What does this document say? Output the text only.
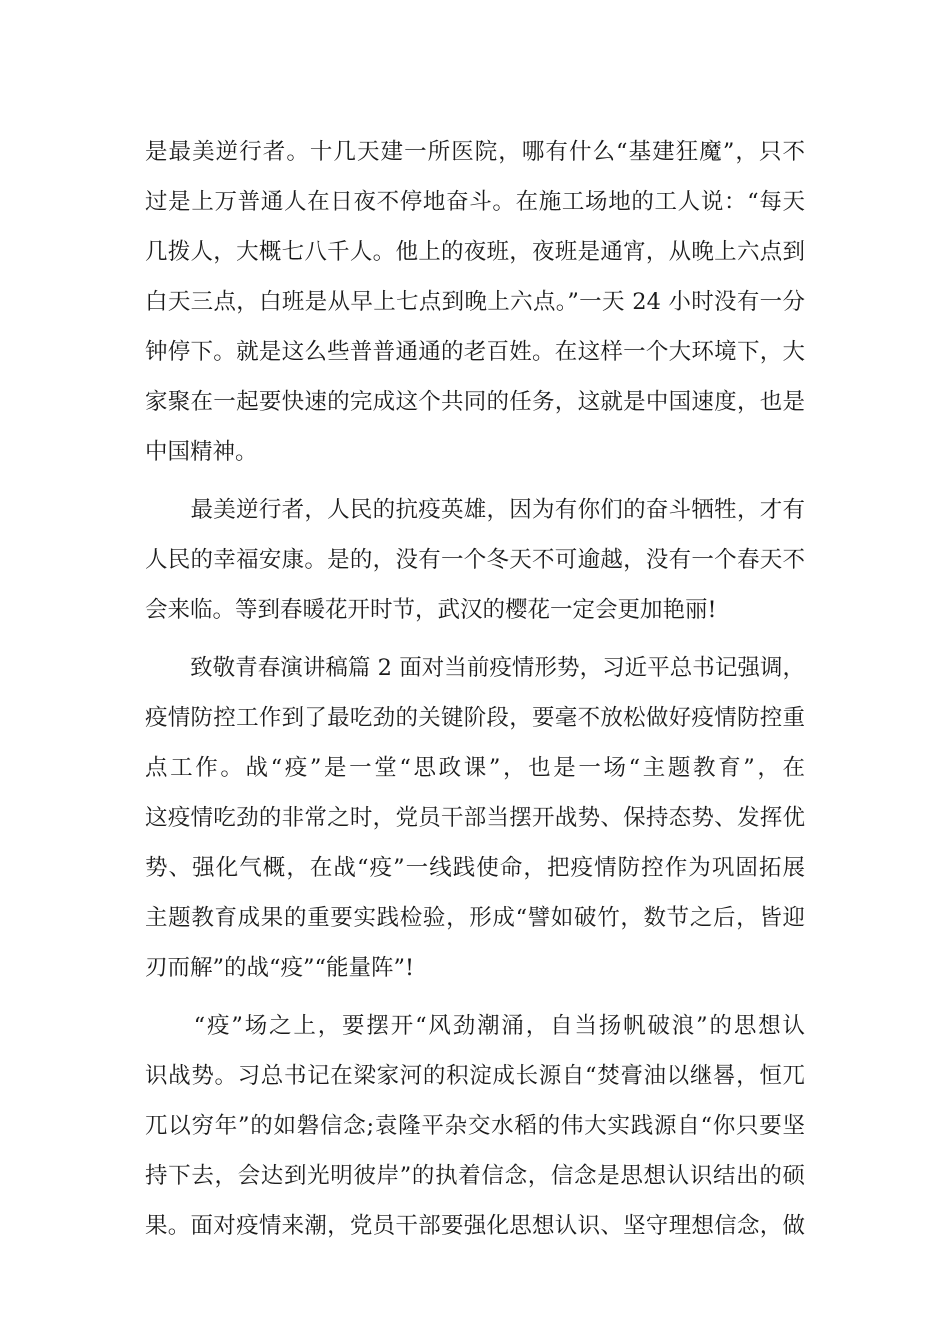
是最美逆行者。十几天建一所医院，哪有什么“基建狂魔”，只不
过是上万普通人在日夜不停地奋斗。在施工场地的工人说：“每天
几拨人，大概七八千人。他上的夜班，夜班是通宵，从晚上六点到
白天三点，白班是从早上七点到晚上六点。”一天 24 小时没有一分
钟停下。就是这么些普普通通的老百姓。在这样一个大环境下，大
家聚在一起要快速的完成这个共同的任务，这就是中国速度，也是
中国精神。
　　最美逆行者，人民的抗疫英雄，因为有你们的奋斗牺牲，才有
人民的幸福安康。是的，没有一个冬天不可逾越，没有一个春天不
会来临。等到春暖花开时节，武汉的樱花一定会更加艳丽!
　　致敬青春演讲稿篇 2 面对当前疫情形势，习近平总书记强调，
疫情防控工作到了最吃劲的关键阶段，要毫不放松做好疫情防控重
点工作。战“疫”是一堂“思政课”，也是一场“主题教育”，在
这疫情吃劲的非常之时，党员干部当摆开战势、保持态势、发挥优
势、强化气概，在战“疫”一线践使命，把疫情防控作为巩固拓展
主题教育成果的重要实践检验，形成“譬如破竹，数节之后，皆迎
刃而解”的战“疫”“能量阵”!
　　“疫”场之上，要摆开“风劲潮涌，自当扬帆破浪”的思想认
识战势。习总书记在梁家河的积淀成长源自“焚膏油以继晷，恒兀
兀以穷年”的如磐信念;袁隆平杂交水稻的伟大实践源自“你只要坚
持下去，会达到光明彼岸”的执着信念，信念是思想认识结出的硕
果。面对疫情来潮，党员干部要强化思想认识、坚守理想信念，做
